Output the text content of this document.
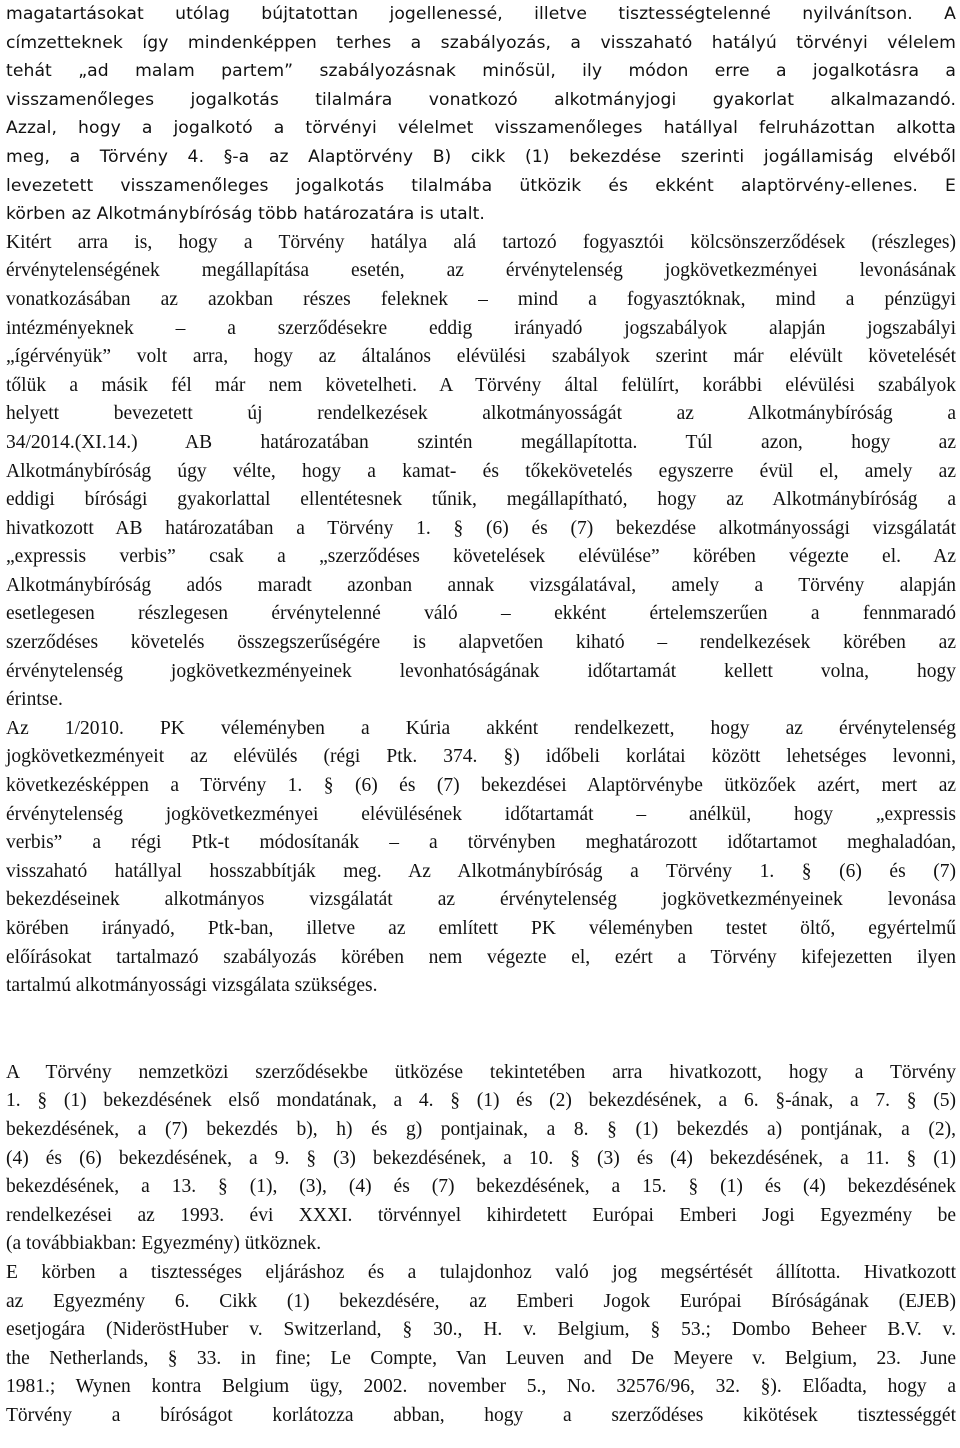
magatartásokat utólag bújtatottan jogellenessé, illetve tisztességtelenné nyilvánítson. A
címzetteknek így mindenképpen terhes a szabályozás, a visszaható hatályú törvényi vélelem
tehát „ad malam partem” szabályozásnak minősül, ily módon erre a jogalkotásra a
visszamenőleges jogalkotás tilalmára vonatkozó alkotmányjogi gyakorlat alkalmazandó.
Azzal, hogy a jogalkotó a törvényi vélelmet visszamenőleges hatállyal felruházottan alkotta
meg, a Törvény 4. §-a az Alaptörvény B) cikk (1) bekezdése szerinti jogállamiság elvéből
levezetett visszamenőleges jogalkotás tilalmába ütközik és ekként alaptörvény-ellenes. E
körben az Alkotmánybíróság több határozatára is utalt.
Kitért arra is, hogy a Törvény hatálya alá tartozó fogyasztói kölcsönszerződések (részleges)
érvénytelenségének megállapítása esetén, az érvénytelenség jogkövetkezményei levonásának
vonatkozásában az azokban részes feleknek – mind a fogyasztóknak, mind a pénzügyi
intézményeknek – a szerződésekre eddig irányadó jogszabályok alapján jogszabályi
„ígérvényük” volt arra, hogy az általános elévülési szabályok szerint már elévült követelését
tőlük a másik fél már nem követelheti. A Törvény által felülírt, korábbi elévülési szabályok
helyett bevezetett új rendelkezések alkotmányosságát az Alkotmánybíróság a
34/2014.(XI.14.) AB határozatában szintén megállapította. Túl azon, hogy az
Alkotmánybíróság úgy vélte, hogy a kamat- és tőkekövetelés egyszerre évül el, amely az
eddigi bírósági gyakorlattal ellentétesnek tűnik, megállapítható, hogy az Alkotmánybíróság a
hivatkozott AB határozatában a Törvény 1. § (6) és (7) bekezdése alkotmányossági vizsgálatát
„expressis verbis” csak a „szerződéses követelések elévülése” körében végezte el. Az
Alkotmánybíróság adós maradt azonban annak vizsgálatával, amely a Törvény alapján
esetlegesen részlegesen érvénytelenné váló – ekként értelemszerűen a fennmaradó
szerződéses követelés összegszerűségére is alapvetően kiható – rendelkezések körében az
érvénytelenség jogkövetkezményeinek levonhatóságának időtartamát kellett volna, hogy
érintse.
Az 1/2010. PK véleményben a Kúria akként rendelkezett, hogy az érvénytelenség
jogkövetkezményeit az elévülés (régi Ptk. 374. §) időbeli korlátai között lehetséges levonni,
következésképpen a Törvény 1. § (6) és (7) bekezdései Alaptörvénybe ütközőek azért, mert az
érvénytelenség jogkövetkezményei elévülésének időtartamát – anélkül, hogy „expressis
verbis” a régi Ptk-t módosítanák – a törvényben meghatározott időtartamot meghaladóan,
visszaható hatállyal hosszabbítják meg. Az Alkotmánybíróság a Törvény 1. § (6) és (7)
bekezdéseinek alkotmányos vizsgálatát az érvénytelenség jogkövetkezményeinek levonása
körében irányadó, Ptk-ban, illetve az említett PK véleményben testet öltő, egyértelmű
előírásokat tartalmazó szabályozás körében nem végezte el, ezért a Törvény kifejezetten ilyen
tartalmú alkotmányossági vizsgálata szükséges.
A Törvény nemzetközi szerződésekbe ütközése tekintetében arra hivatkozott, hogy a Törvény
1. § (1) bekezdésének első mondatának, a 4. § (1) és (2) bekezdésének, a 6. §-ának, a 7. § (5)
bekezdésének, a (7) bekezdés b), h) és g) pontjainak, a 8. § (1) bekezdés a) pontjának, a (2),
(4) és (6) bekezdésének, a 9. § (3) bekezdésének, a 10. § (3) és (4) bekezdésének, a 11. § (1)
bekezdésének, a 13. § (1), (3), (4) és (7) bekezdésének, a 15. § (1) és (4) bekezdésének
rendelkezései az 1993. évi XXXI. törvénnyel kihirdetett Európai Emberi Jogi Egyezmény be
(a továbbiakban: Egyezmény) ütköznek.
E körben a tisztességes eljáráshoz és a tulajdonhoz való jog megsértését állította. Hivatkozott
az Egyezmény 6. Cikk (1) bekezdésére, az Emberi Jogok Európai Bíróságának (EJEB)
esetjogára (NideröstHuber v. Switzerland, § 30., H. v. Belgium, § 53.; Dombo Beheer B.V. v.
the Netherlands, § 33. in fine; Le Compte, Van Leuven and De Meyere v. Belgium, 23. June
1981.; Wynen kontra Belgium ügy, 2002. november 5., No. 32576/96, 32. §). Előadta, hogy a
Törvény a bíróságot korlátozza abban, hogy a szerződéses kikötések tisztességgét
